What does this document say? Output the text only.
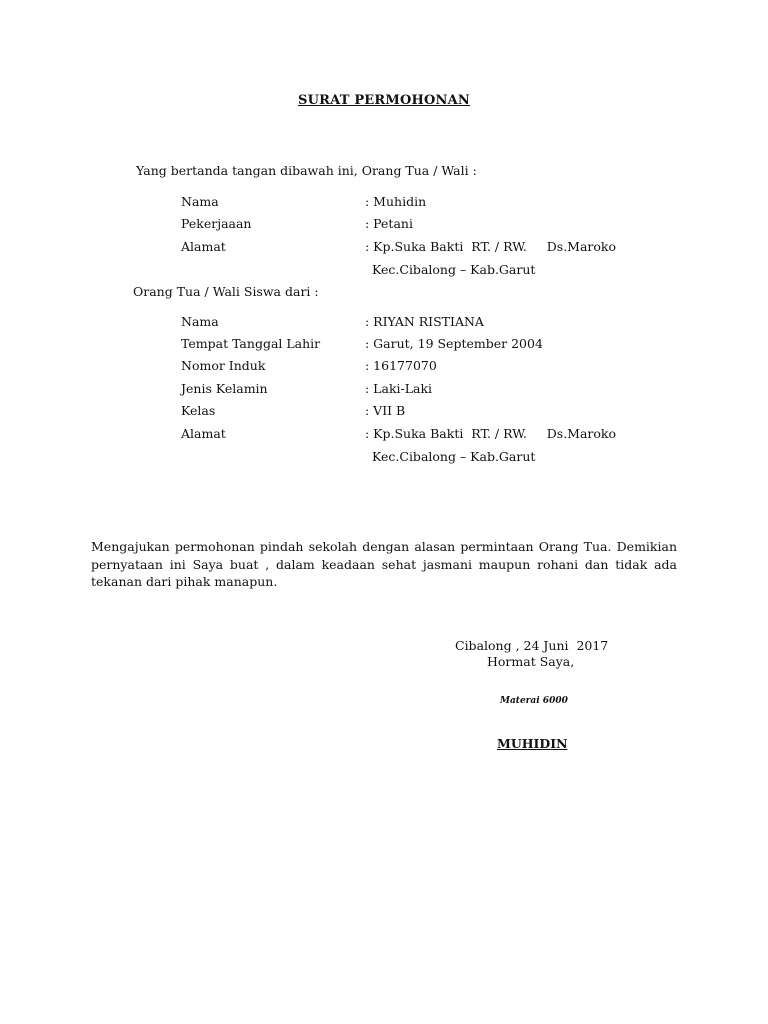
SURAT PERMOHONAN
Yang bertanda tangan dibawah ini, Orang Tua / Wali :
Nama	: Muhidin
Pekerjaaan	: Petani
Alamat	: Kp.Suka Bakti  RT. / RW.     Ds.Maroko
Kec.Cibalong – Kab.Garut
Orang Tua / Wali Siswa dari :
Nama	: RIYAN RISTIANA
Tempat Tanggal Lahir	: Garut, 19 September 2004
Nomor Induk	: 16177070
Jenis Kelamin	: Laki-Laki
Kelas	: VII B
Alamat	: Kp.Suka Bakti  RT. / RW.     Ds.Maroko
Kec.Cibalong – Kab.Garut
Mengajukan permohonan pindah sekolah dengan alasan permintaan Orang Tua. Demikian pernyataan ini Saya buat , dalam keadaan sehat jasmani maupun rohani dan tidak ada tekanan dari pihak manapun.
Cibalong , 24 Juni  2017
Hormat Saya,
Materai 6000
MUHIDIN
